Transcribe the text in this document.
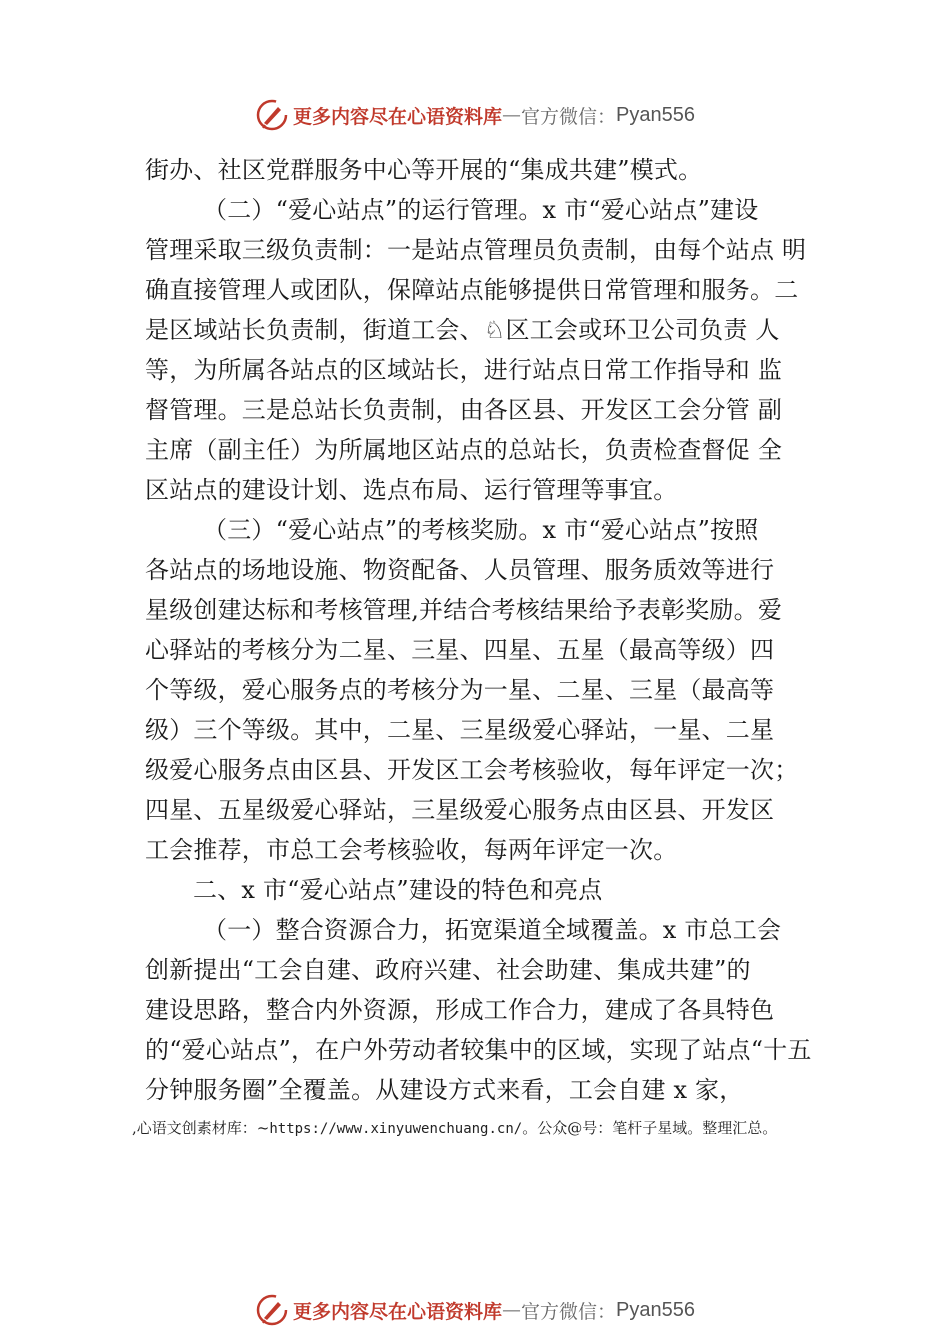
更多内容尽在心语资料库 — 官方微信： Pyan556
街办、社区党群服务中心等开展的“集成共建”模式。
（二）“爱心站点”的运行管理。x 市“爱心站点”建设
管理采取三级负责制：一是站点管理员负责制，由每个站点 明
确直接管理人或团队，保障站点能够提供日常管理和服务。二
是区域站长负责制，街道工会、♘区工会或环卫公司负责 人
等，为所属各站点的区域站长，进行站点日常工作指导和 监
督管理。三是总站长负责制，由各区县、开发区工会分管 副
主席（副主任）为所属地区站点的总站长，负责检查督促 全
区站点的建设计划、选点布局、运行管理等事宜。
（三）“爱心站点”的考核奖励。x 市“爱心站点”按照
各站点的场地设施、物资配备、人员管理、服务质效等进行
星级创建达标和考核管理,并结合考核结果给予表彰奖励。爱
心驿站的考核分为二星、三星、四星、五星（最高等级）四
个等级，爱心服务点的考核分为一星、二星、三星（最高等
级）三个等级。其中，二星、三星级爱心驿站，一星、二星
级爱心服务点由区县、开发区工会考核验收，每年评定一次；
四星、五星级爱心驿站，三星级爱心服务点由区县、开发区
工会推荐，市总工会考核验收，每两年评定一次。
二、x 市“爱心站点”建设的特色和亮点
（一）整合资源合力，拓宽渠道全域覆盖。x 市总工会
创新提出“工会自建、政府兴建、社会助建、集成共建”的
建设思路，整合内外资源，形成工作合力，建成了各具特色
的“爱心站点”，在户外劳动者较集中的区域，实现了站点“十五
分钟服务圈”全覆盖。从建设方式来看，工会自建 x 家，
,心语文创素材库：~https://www.xinyuwenchuang.cn/。公众@号：笔杆子星域。整理汇总。
更多内容尽在心语资料库 — 官方微信： Pyan556
